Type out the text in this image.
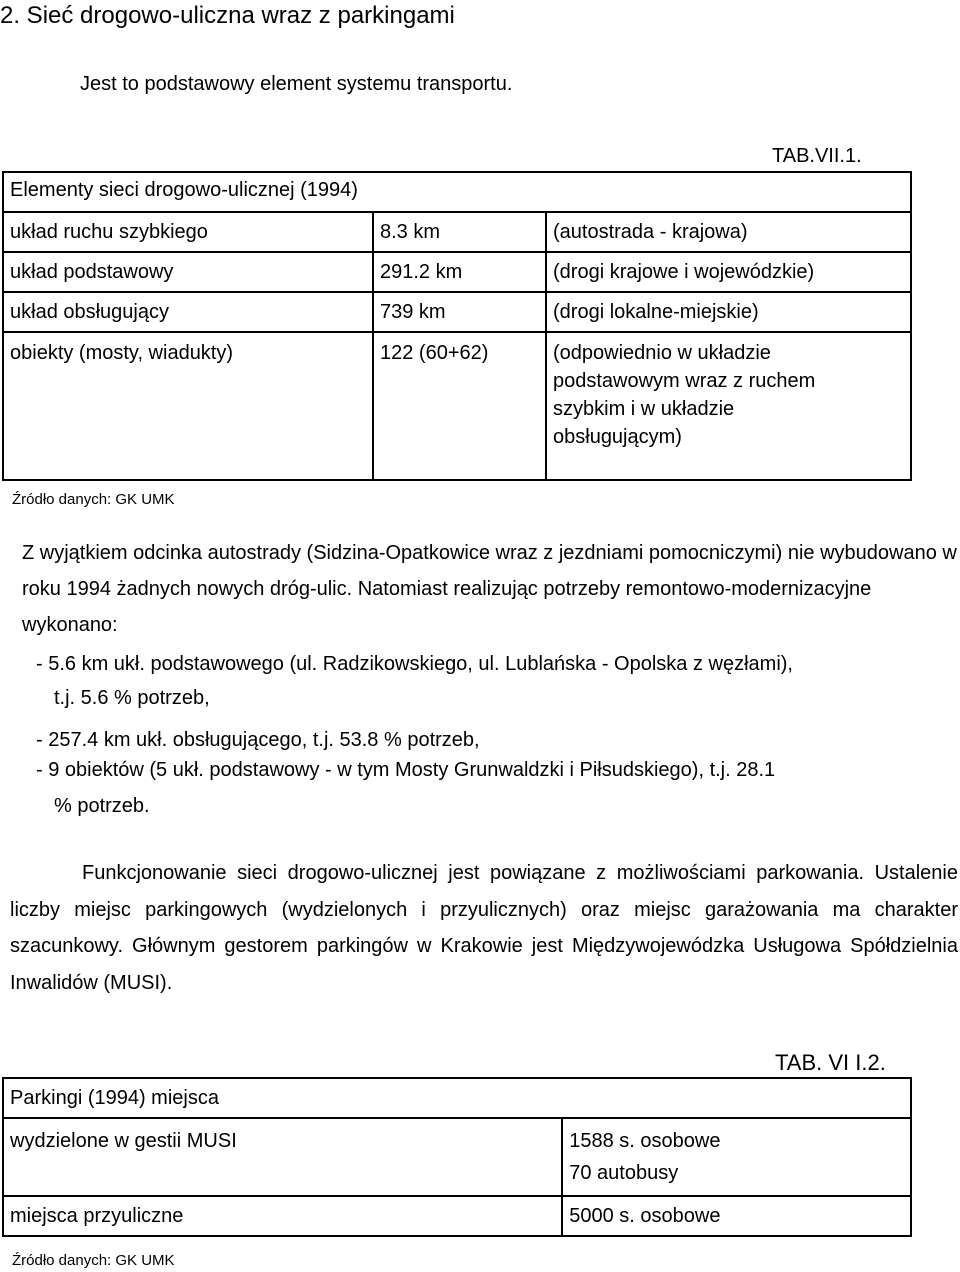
2. Sieć drogowo-uliczna wraz z parkingami
Jest to podstawowy element systemu transportu.
TAB.VII.1.
Elementy sieci drogowo-ulicznej (1994)		
układ ruchu szybkiego	8.3 km	(autostrada - krajowa)
układ podstawowy	291.2 km	(drogi krajowe i wojewódzkie)
układ obsługujący	739 km	(drogi lokalne-miejskie)
obiekty (mosty, wiadukty)	122 (60+62)	(odpowiednio w układzie podstawowym wraz z ruchem szybkim i w układzie obsługującym)
Źródło danych: GK UMK
Z wyjątkiem odcinka autostrady (Sidzina-Opatkowice wraz z jezdniami pomocniczymi) nie wybudowano w roku 1994 żadnych nowych dróg-ulic. Natomiast realizując potrzeby remontowo-modernizacyjne wykonano:
- 5.6 km ukł. podstawowego (ul. Radzikowskiego, ul. Lublańska - Opolska z węzłami),
t.j. 5.6 % potrzeb,
- 257.4 km ukł. obsługującego, t.j. 53.8 % potrzeb,
- 9 obiektów (5 ukł. podstawowy - w tym Mosty Grunwaldzki i Piłsudskiego), t.j. 28.1
% potrzeb.
Funkcjonowanie sieci drogowo-ulicznej jest powiązane z możliwościami parkowania. Ustalenie liczby miejsc parkingowych (wydzielonych i przyulicznych) oraz miejsc garażowania ma charakter szacunkowy. Głównym gestorem parkingów w Krakowie jest Międzywojewódzka Usługowa Spółdzielnia Inwalidów (MUSI).
TAB. VI I.2.
Parkingi (1994) miejsca	
wydzielone w gestii MUSI	1588 s. osobowe
70 autobusy

miejsca przyuliczne	5000 s. osobowe
Źródło danych: GK UMK
